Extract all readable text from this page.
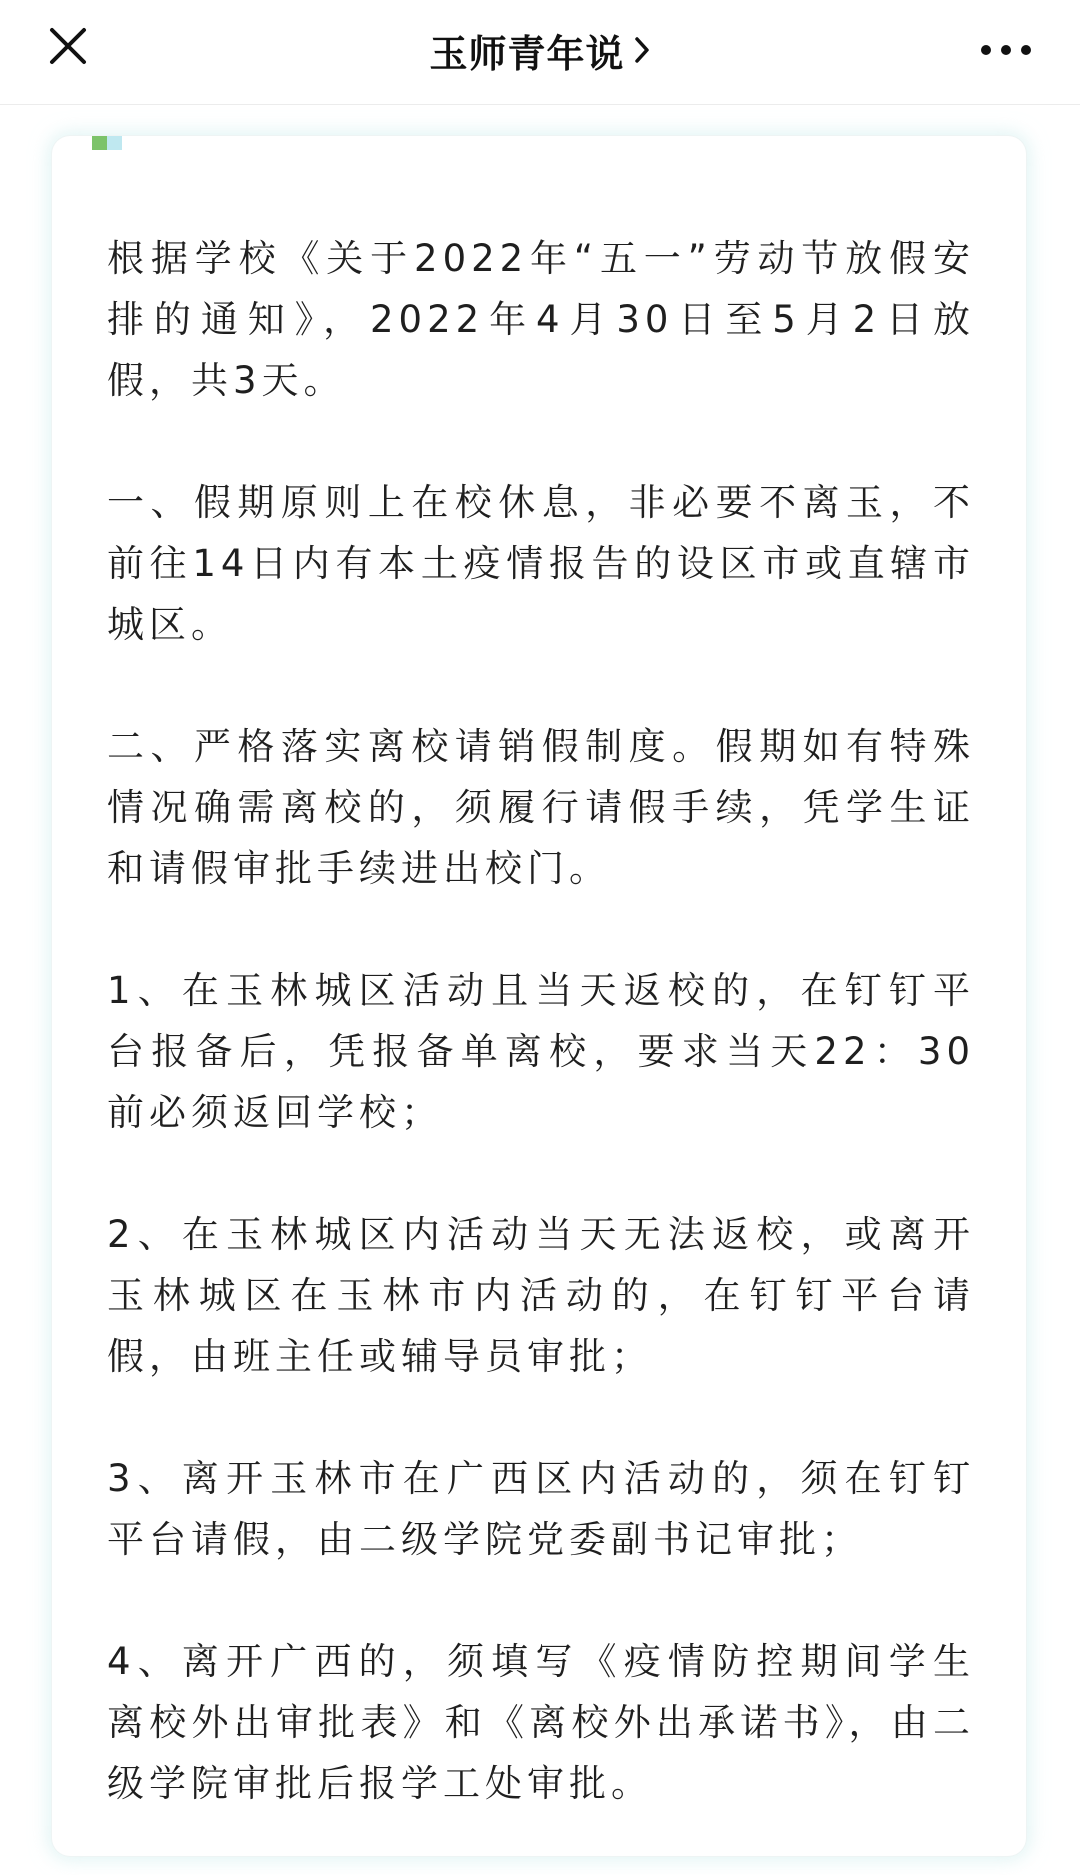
玉师青年说

根据学校《关于2022年“五一”劳动节放假安排的通知》，2022年4月30日至5月2日放假，共3天。

一、假期原则上在校休息，非必要不离玉，不前往14日内有本土疫情报告的设区市或直辖市城区。

二、严格落实离校请销假制度。假期如有特殊情况确需离校的，须履行请假手续，凭学生证和请假审批手续进出校门。

1、在玉林城区活动且当天返校的，在钉钉平台报备后，凭报备单离校，要求当天22：30前必须返回学校；

2、在玉林城区内活动当天无法返校，或离开玉林城区在玉林市内活动的，在钉钉平台请假，由班主任或辅导员审批；

3、离开玉林市在广西区内活动的，须在钉钉平台请假，由二级学院党委副书记审批；

4、离开广西的，须填写《疫情防控期间学生离校外出审批表》和《离校外出承诺书》，由二级学院审批后报学工处审批。
